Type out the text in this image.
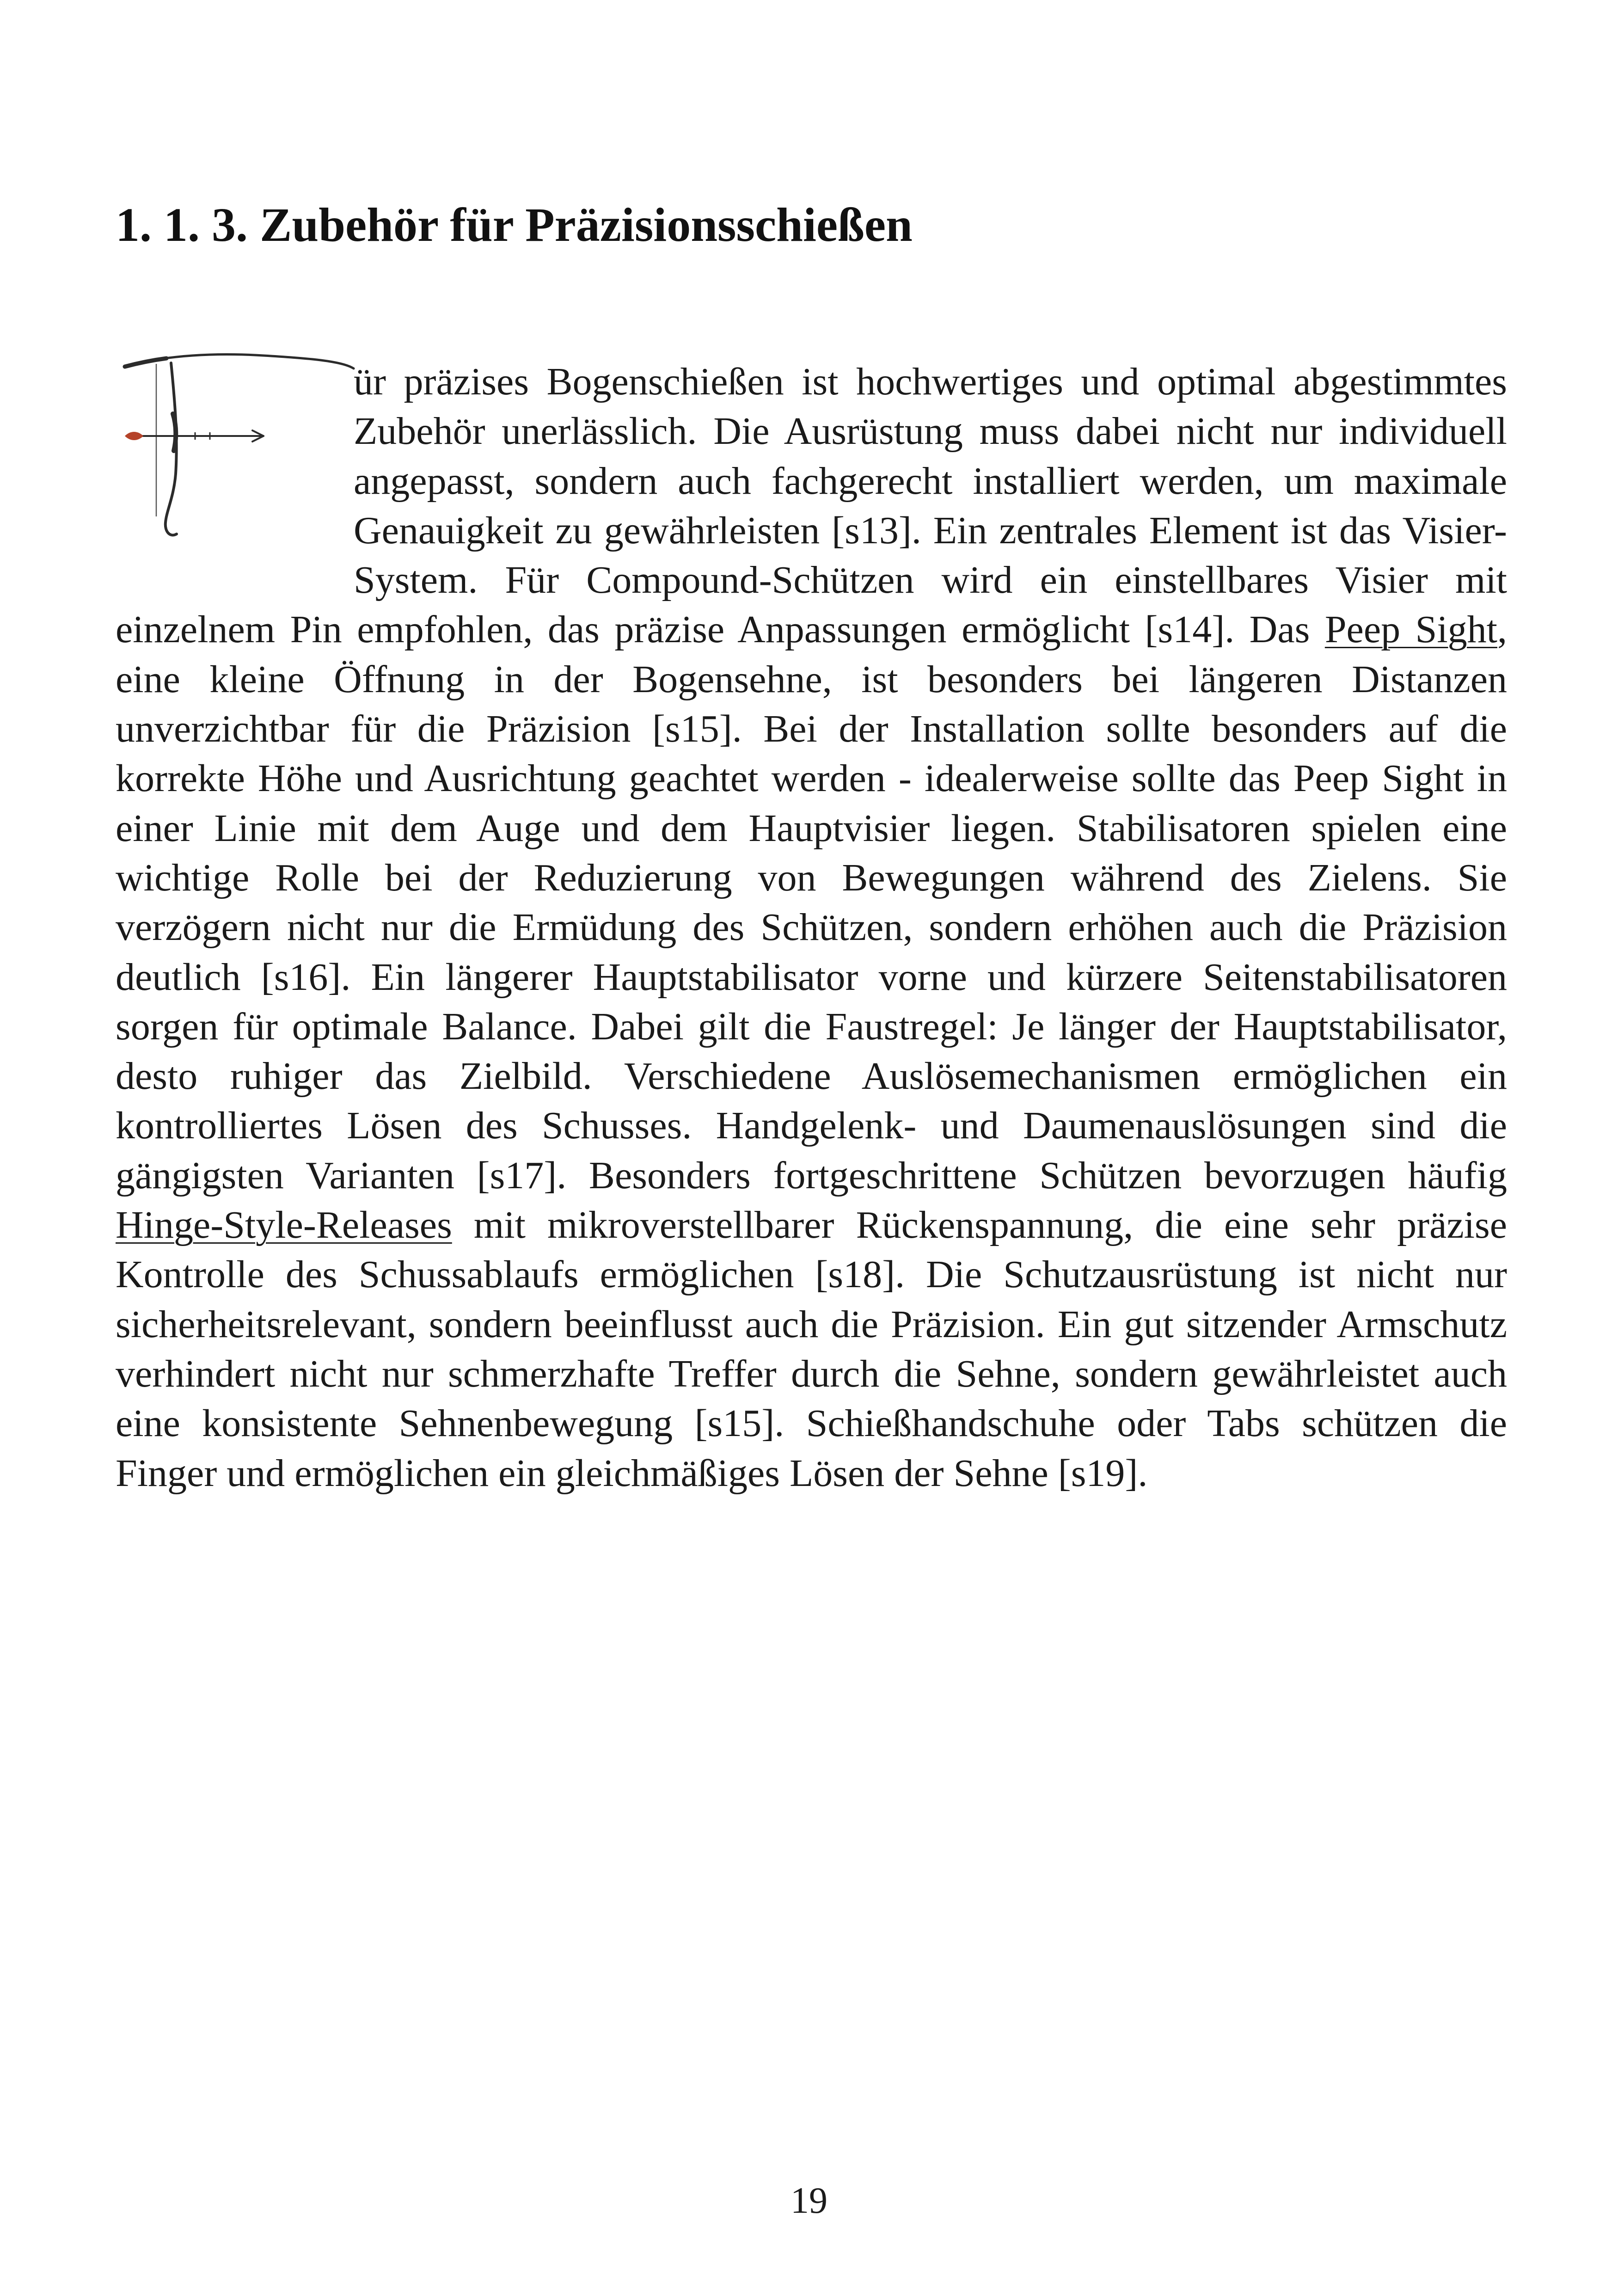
1. 1. 3. Zubehör für Präzisionsschießen

ür präzises Bogenschießen ist hochwertiges und optimal abgestimmtes Zubehör unerlässlich. Die Ausrüstung muss dabei nicht nur individuell angepasst, sondern auch fachgerecht installiert werden, um maximale Genauigkeit zu gewährleisten [s13]. Ein zentrales Element ist das Visier-System. Für Compound-Schützen wird ein einstellbares Visier mit einzelnem Pin empfohlen, das präzise Anpassungen ermöglicht [s14]. Das Peep Sight, eine kleine Öffnung in der Bogensehne, ist besonders bei längeren Distanzen unverzichtbar für die Präzision [s15]. Bei der Installation sollte besonders auf die korrekte Höhe und Ausrichtung geachtet werden - idealerweise sollte das Peep Sight in einer Linie mit dem Auge und dem Hauptvisier liegen. Stabilisatoren spielen eine wichtige Rolle bei der Reduzierung von Bewegungen während des Zielens. Sie verzögern nicht nur die Ermüdung des Schützen, sondern erhöhen auch die Präzision deutlich [s16]. Ein längerer Hauptstabilisator vorne und kürzere Seitenstabilisatoren sorgen für optimale Balance. Dabei gilt die Faustregel: Je länger der Hauptstabilisator, desto ruhiger das Zielbild. Verschiedene Auslösemechanismen ermöglichen ein kontrolliertes Lösen des Schusses. Handgelenk- und Daumenauslösungen sind die gängigsten Varianten [s17]. Besonders fortgeschrittene Schützen bevorzugen häufig Hinge-Style-Releases mit mikroverstellbarer Rückenspannung, die eine sehr präzise Kontrolle des Schussablaufs ermöglichen [s18]. Die Schutzausrüstung ist nicht nur sicherheitsrelevant, sondern beeinflusst auch die Präzision. Ein gut sitzender Armschutz verhindert nicht nur schmerzhafte Treffer durch die Sehne, sondern gewährleistet auch eine konsistente Sehnenbewegung [s15]. Schießhandschuhe oder Tabs schützen die Finger und ermöglichen ein gleichmäßiges Lösen der Sehne [s19].

19
